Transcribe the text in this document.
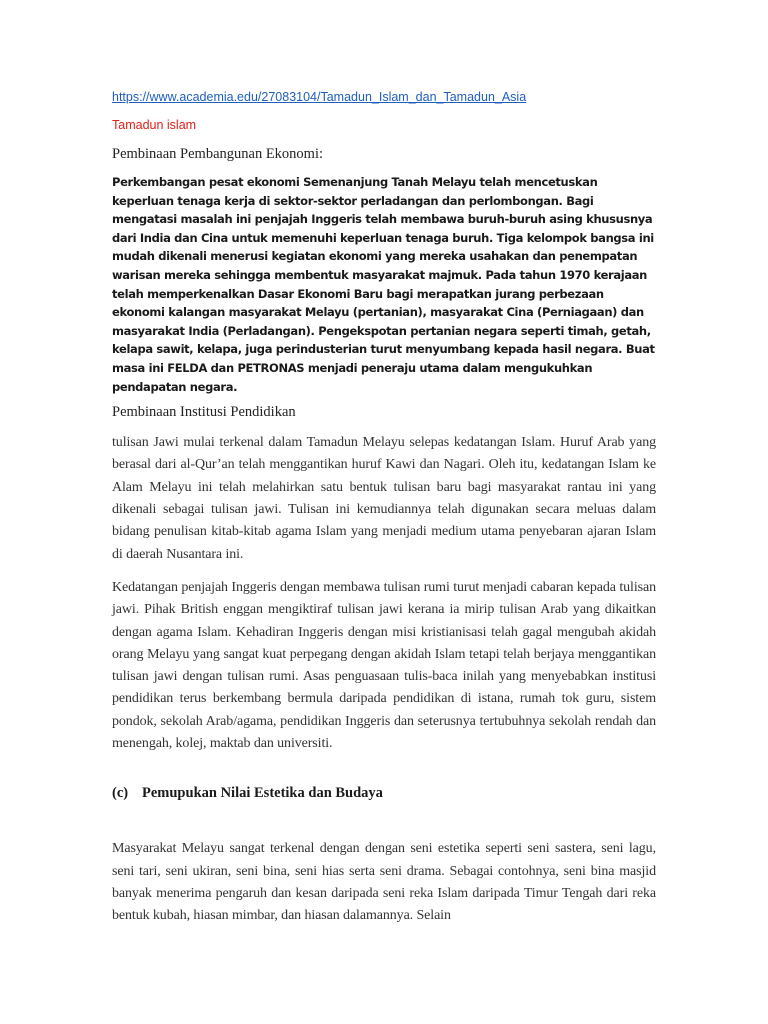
https://www.academia.edu/27083104/Tamadun_Islam_dan_Tamadun_Asia
Tamadun islam
Pembinaan Pembangunan Ekonomi:

Perkembangan pesat ekonomi Semenanjung Tanah Melayu telah mencetuskan keperluan tenaga kerja di sektor-sektor perladangan dan perlombongan. Bagi mengatasi masalah ini penjajah Inggeris telah membawa buruh-buruh asing khususnya dari India dan Cina untuk memenuhi keperluan tenaga buruh. Tiga kelompok bangsa ini mudah dikenali menerusi kegiatan ekonomi yang mereka usahakan dan penempatan warisan mereka sehingga membentuk masyarakat majmuk. Pada tahun 1970 kerajaan telah memperkenalkan Dasar Ekonomi Baru bagi merapatkan jurang perbezaan ekonomi kalangan masyarakat Melayu (pertanian), masyarakat Cina (Perniagaan) dan masyarakat India (Perladangan). Pengekspotan pertanian negara seperti timah, getah, kelapa sawit, kelapa, juga perindusterian turut menyumbang kepada hasil negara. Buat masa ini FELDA dan PETRONAS menjadi peneraju utama dalam mengukuhkan pendapatan negara.

Pembinaan Institusi Pendidikan

tulisan Jawi mulai terkenal dalam Tamadun Melayu selepas kedatangan Islam. Huruf Arab yang berasal dari al-Qur’an telah menggantikan huruf Kawi dan Nagari. Oleh itu, kedatangan Islam ke Alam Melayu ini telah melahirkan satu bentuk tulisan baru bagi masyarakat rantau ini yang dikenali sebagai tulisan jawi. Tulisan ini kemudiannya telah digunakan secara meluas dalam bidang penulisan kitab-kitab agama Islam yang menjadi medium utama penyebaran ajaran Islam di daerah Nusantara ini.

Kedatangan penjajah Inggeris dengan membawa tulisan rumi turut menjadi cabaran kepada tulisan jawi. Pihak British enggan mengiktiraf tulisan jawi kerana ia mirip tulisan Arab yang dikaitkan dengan agama Islam. Kehadiran Inggeris dengan misi kristianisasi telah gagal mengubah akidah orang Melayu yang sangat kuat perpegang dengan akidah Islam tetapi telah berjaya menggantikan tulisan jawi dengan tulisan rumi. Asas penguasaan tulis-baca inilah yang menyebabkan institusi pendidikan terus berkembang bermula daripada pendidikan di istana, rumah tok guru, sistem pondok, sekolah Arab/agama, pendidikan Inggeris dan seterusnya tertubuhnya sekolah rendah dan menengah, kolej, maktab dan universiti.

(c) Pemupukan Nilai Estetika dan Budaya

Masyarakat Melayu sangat terkenal dengan dengan seni estetika seperti seni sastera, seni lagu, seni tari, seni ukiran, seni bina, seni hias serta seni drama. Sebagai contohnya, seni bina masjid banyak menerima pengaruh dan kesan daripada seni reka Islam daripada Timur Tengah dari reka bentuk kubah, hiasan mimbar, dan hiasan dalamannya. Selain
